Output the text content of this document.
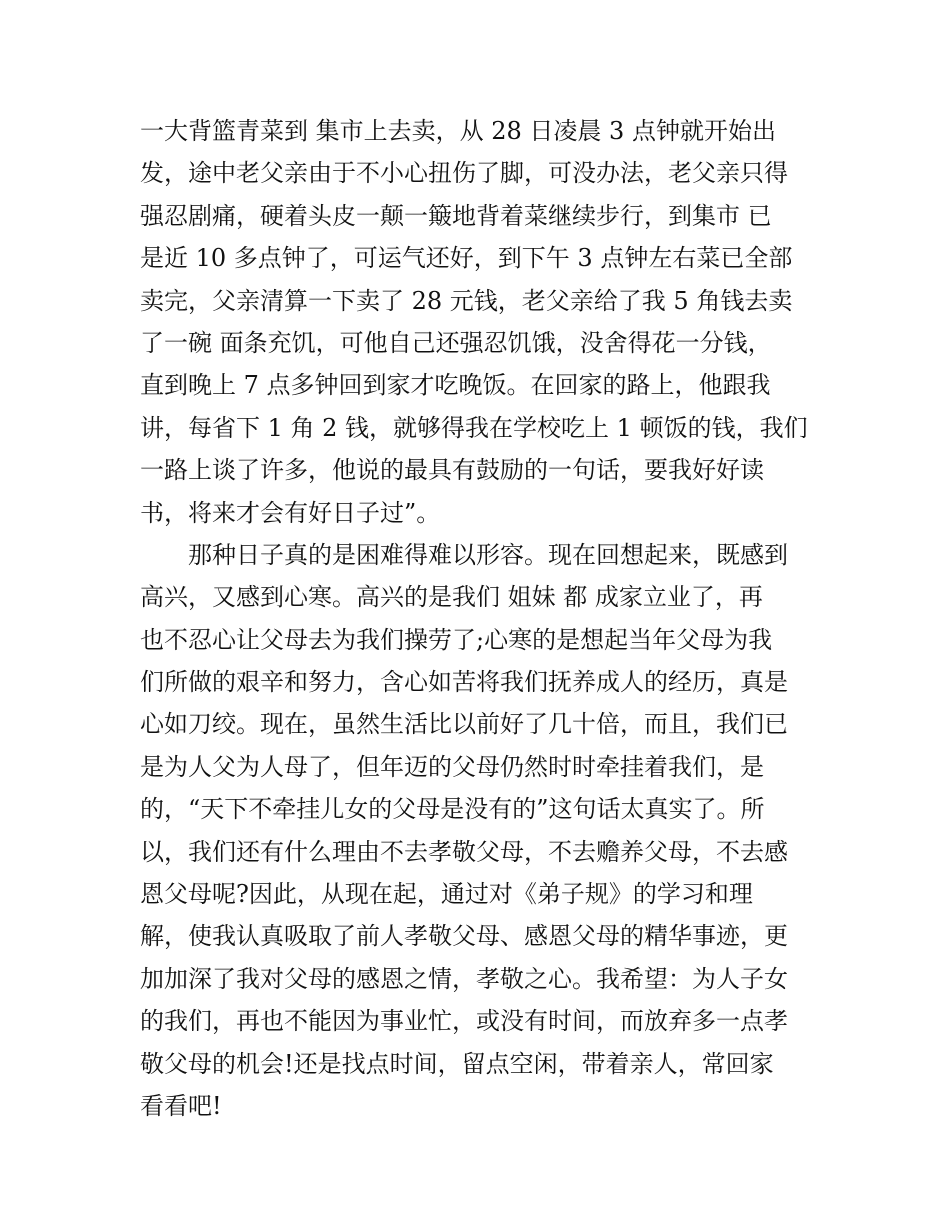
一大背篮青菜到 集市上去卖，从 28 日凌晨 3 点钟就开始出
发，途中老父亲由于不小心扭伤了脚，可没办法，老父亲只得
强忍剧痛，硬着头皮一颠一簸地背着菜继续步行，到集市 已
是近 10 多点钟了，可运气还好，到下午 3 点钟左右菜已全部
卖完，父亲清算一下卖了 28 元钱，老父亲给了我 5 角钱去卖
了一碗 面条充饥，可他自己还强忍饥饿，没舍得花一分钱，
直到晚上 7 点多钟回到家才吃晚饭。在回家的路上，他跟我
讲，每省下 1 角 2 钱，就够得我在学校吃上 1 顿饭的钱，我们
一路上谈了许多，他说的最具有鼓励的一句话，要我好好读
书，将来才会有好日子过”。
那种日子真的是困难得难以形容。现在回想起来，既感到
高兴，又感到心寒。高兴的是我们 姐妹 都 成家立业了，再
也不忍心让父母去为我们操劳了;心寒的是想起当年父母为我
们所做的艰辛和努力，含心如苦将我们抚养成人的经历，真是
心如刀绞。现在，虽然生活比以前好了几十倍，而且，我们已
是为人父为人母了，但年迈的父母仍然时时牵挂着我们，是
的，“天下不牵挂儿女的父母是没有的”这句话太真实了。所
以，我们还有什么理由不去孝敬父母，不去赡养父母，不去感
恩父母呢?因此，从现在起，通过对《弟子规》的学习和理
解，使我认真吸取了前人孝敬父母、感恩父母的精华事迹，更
加加深了我对父母的感恩之情，孝敬之心。我希望：为人子女
的我们，再也不能因为事业忙，或没有时间，而放弃多一点孝
敬父母的机会!还是找点时间，留点空闲，带着亲人，常回家
看看吧!
